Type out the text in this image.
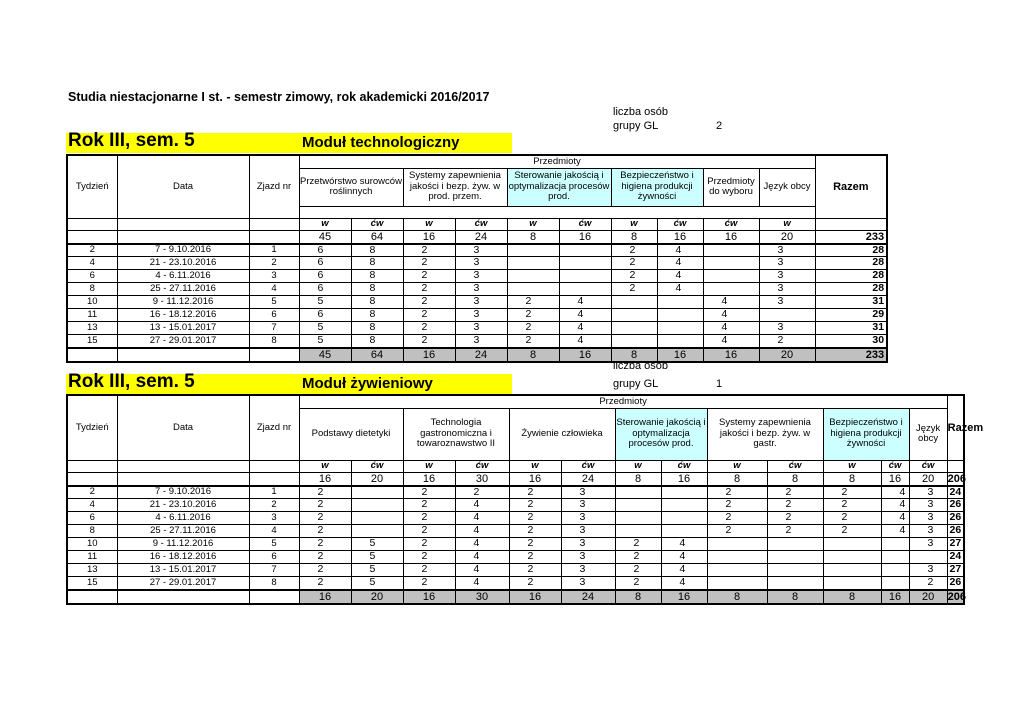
Studia niestacjonarne I st. - semestr zimowy, rok akademicki 2016/2017
liczba osób
grupy GL	2
Rok III, sem. 5	Moduł technologiczny
Tydzień	Data	Zjazd nr	Przedmioty										Razem
			Przetwórstwo surowców roślinnych		Systemy zapewnienia jakości i bezp. żyw. w prod. przem.		Sterowanie jakością i optymalizacja procesów prod.		Bezpieczeństwo i higiena produkcji żywności		Przedmioty do wyboru	Język obcy	

			w	ćw	w	ćw	w	ćw	w	ćw	ćw	w	
			45	64	16	24	8	16	8	16	16	20	233
2	7 - 9.10.2016	1	6	8	2	3			2	4		3	28
4	21 - 23.10.2016	2	6	8	2	3			2	4		3	28
6	4 - 6.11.2016	3	6	8	2	3			2	4		3	28
8	25 - 27.11.2016	4	6	8	2	3			2	4		3	28
10	9 - 11.12.2016	5	5	8	2	3	2	4			4	3	31
11	16 - 18.12.2016	6	6	8	2	3	2	4			4		29
13	13 - 15.01.2017	7	5	8	2	3	2	4			4	3	31
15	27 - 29.01.2017	8	5	8	2	3	2	4			4	2	30
			45	64	16	24	8	16	8	16	16	20	233
liczba osób
grupy GL	1
Rok III, sem. 5	Moduł żywieniowy
Tydzień	Data	Zjazd nr	Przedmioty													Razem
			Podstawy dietetyki		Technologia gastronomiczna i towaroznawstwo II		Żywienie człowieka		Sterowanie jakością i optymalizacja procesów prod.		Systemy zapewnienia jakości i bezp. żyw. w gastr.		Bezpieczeństwo i higiena produkcji żywności		Język obcy	

			w	ćw	w	ćw	w	ćw	w	ćw	w	ćw	w	ćw	ćw	
			16	20	16	30	16	24	8	16	8	8	8	16	20	206
2	7 - 9.10.2016	1	2		2	2	2	3			2	2	2	4	3	24
4	21 - 23.10.2016	2	2		2	4	2	3			2	2	2	4	3	26
6	4 - 6.11.2016	3	2		2	4	2	3			2	2	2	4	3	26
8	25 - 27.11.2016	4	2		2	4	2	3			2	2	2	4	3	26
10	9 - 11.12.2016	5	2	5	2	4	2	3	2	4					3	27
11	16 - 18.12.2016	6	2	5	2	4	2	3	2	4						24
13	13 - 15.01.2017	7	2	5	2	4	2	3	2	4					3	27
15	27 - 29.01.2017	8	2	5	2	4	2	3	2	4					2	26
			16	20	16	30	16	24	8	16	8	8	8	16	20	206
